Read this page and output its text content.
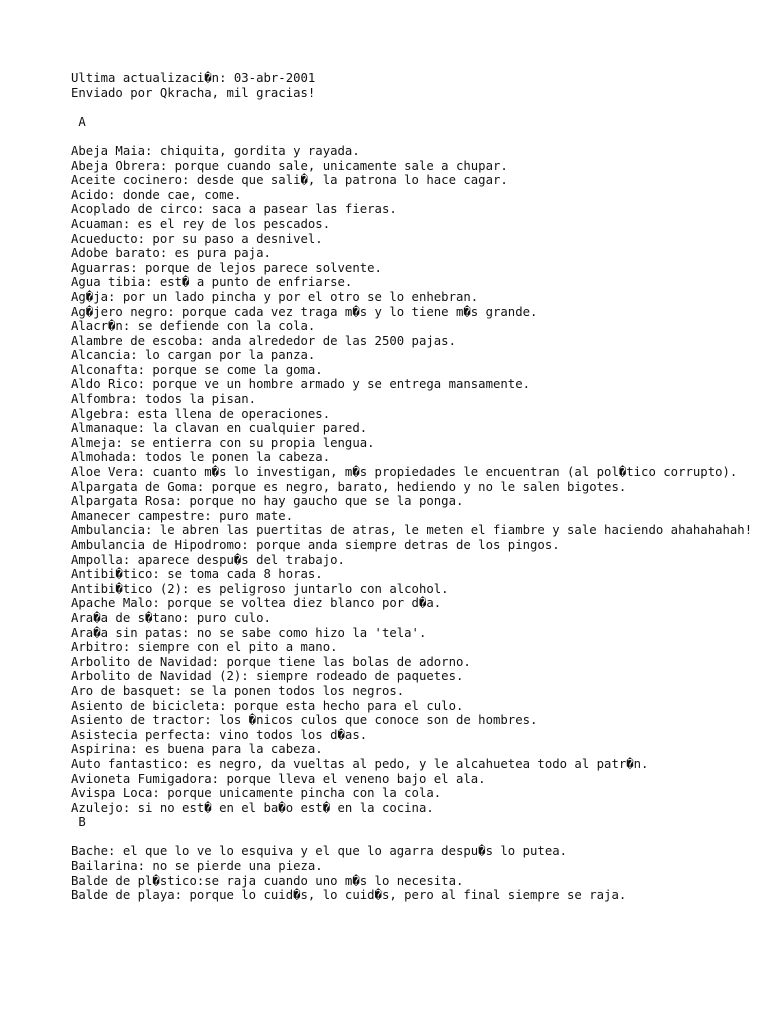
Ultima actualizaci�n: 03-abr-2001
Enviado por Qkracha, mil gracias!
A
Abeja Maia: chiquita, gordita y rayada.
Abeja Obrera: porque cuando sale, unicamente sale a chupar.
Aceite cocinero: desde que sali�, la patrona lo hace cagar.
Acido: donde cae, come.
Acoplado de circo: saca a pasear las fieras.
Acuaman: es el rey de los pescados.
Acueducto: por su paso a desnivel.
Adobe barato: es pura paja.
Aguarras: porque de lejos parece solvente.
Agua tibia: est� a punto de enfriarse.
Ag�ja: por un lado pincha y por el otro se lo enhebran.
Ag�jero negro: porque cada vez traga m�s y lo tiene m�s grande.
Alacr�n: se defiende con la cola.
Alambre de escoba: anda alrededor de las 2500 pajas.
Alcancia: lo cargan por la panza.
Alconafta: porque se come la goma.
Aldo Rico: porque ve un hombre armado y se entrega mansamente.
Alfombra: todos la pisan.
Algebra: esta llena de operaciones.
Almanaque: la clavan en cualquier pared.
Almeja: se entierra con su propia lengua.
Almohada: todos le ponen la cabeza.
Aloe Vera: cuanto m�s lo investigan, m�s propiedades le encuentran (al pol�tico corrupto).
Alpargata de Goma: porque es negro, barato, hediendo y no le salen bigotes.
Alpargata Rosa: porque no hay gaucho que se la ponga.
Amanecer campestre: puro mate.
Ambulancia: le abren las puertitas de atras, le meten el fiambre y sale haciendo ahahahahah!
Ambulancia de Hipodromo: porque anda siempre detras de los pingos.
Ampolla: aparece despu�s del trabajo.
Antibi�tico: se toma cada 8 horas.
Antibi�tico (2): es peligroso juntarlo con alcohol.
Apache Malo: porque se voltea diez blanco por d�a.
Ara�a de s�tano: puro culo.
Ara�a sin patas: no se sabe como hizo la 'tela'.
Arbitro: siempre con el pito a mano.
Arbolito de Navidad: porque tiene las bolas de adorno.
Arbolito de Navidad (2): siempre rodeado de paquetes.
Aro de basquet: se la ponen todos los negros.
Asiento de bicicleta: porque esta hecho para el culo.
Asiento de tractor: los �nicos culos que conoce son de hombres.
Asistecia perfecta: vino todos los d�as.
Aspirina: es buena para la cabeza.
Auto fantastico: es negro, da vueltas al pedo, y le alcahuetea todo al patr�n.
Avioneta Fumigadora: porque lleva el veneno bajo el ala.
Avispa Loca: porque unicamente pincha con la cola.
Azulejo: si no est� en el ba�o est� en la cocina.
B
Bache: el que lo ve lo esquiva y el que lo agarra despu�s lo putea.
Bailarina: no se pierde una pieza.
Balde de pl�stico:se raja cuando uno m�s lo necesita.
Balde de playa: porque lo cuid�s, lo cuid�s, pero al final siempre se raja.
